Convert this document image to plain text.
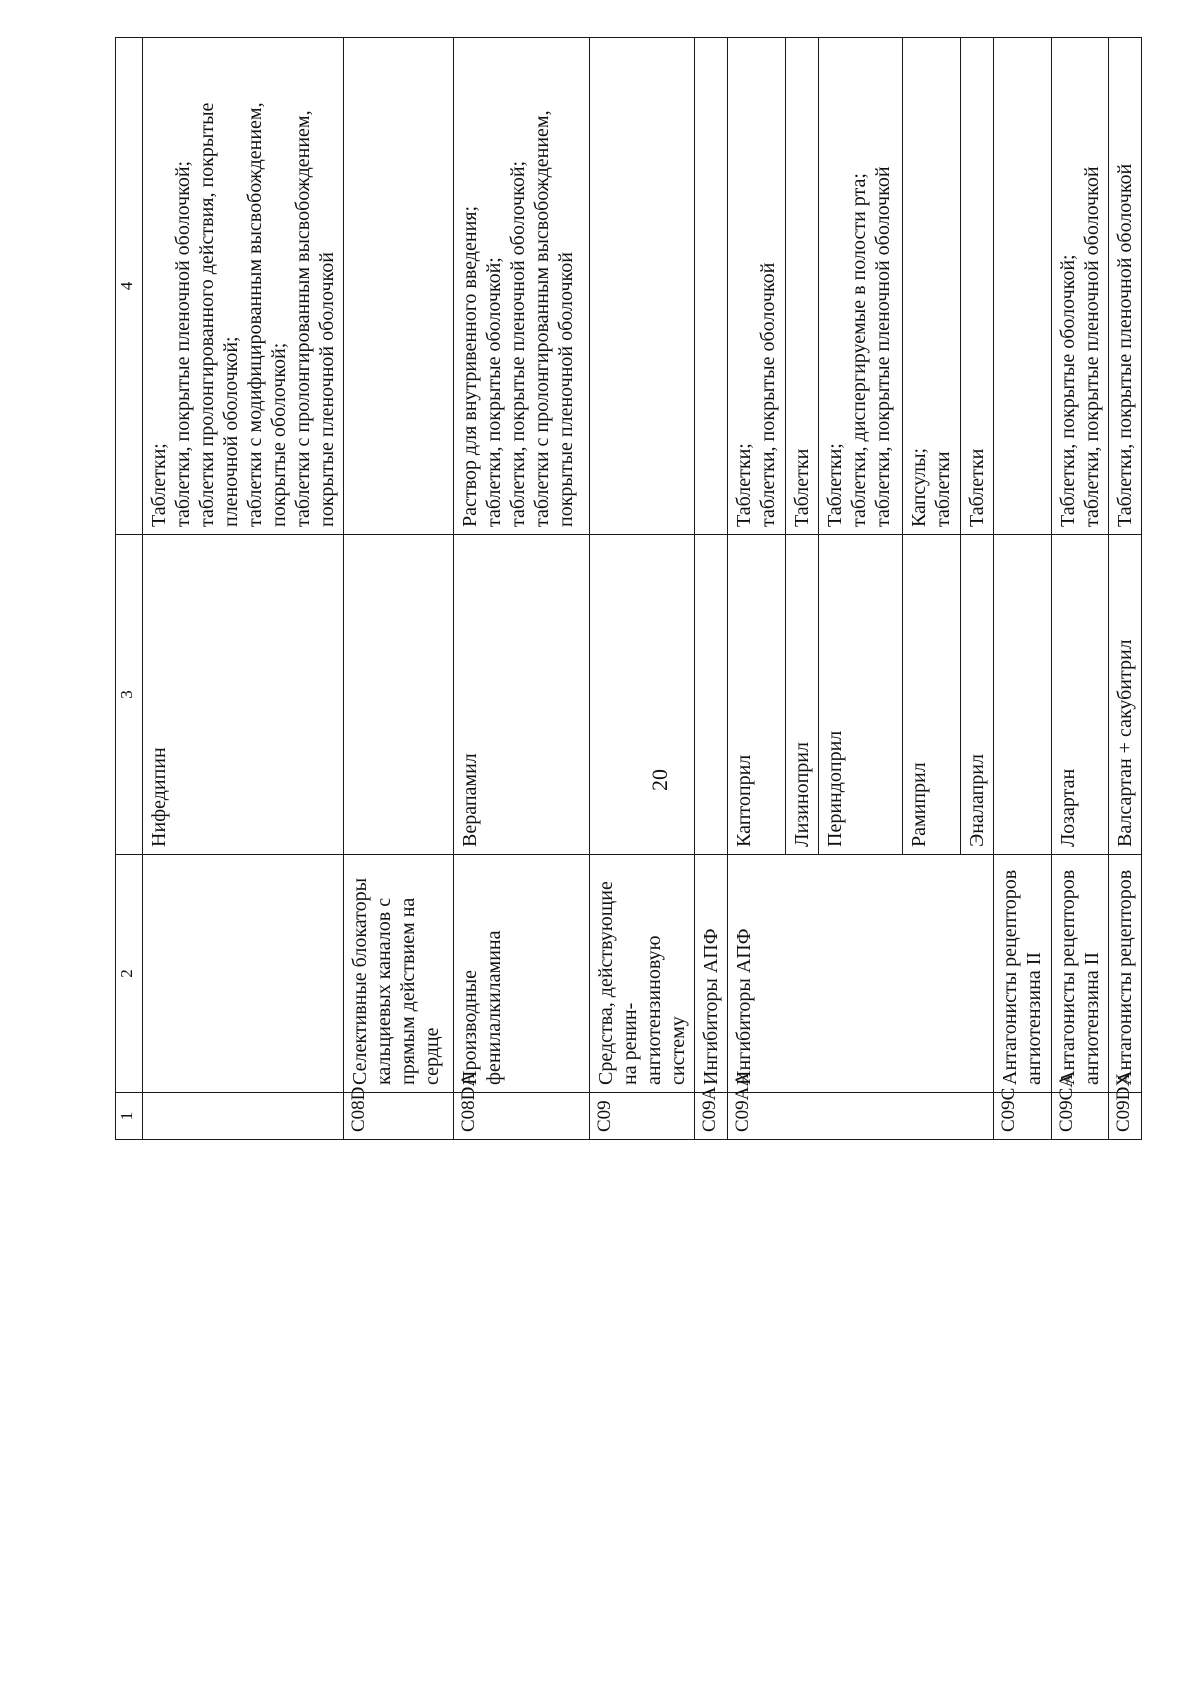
20
1	2	3	4
		Нифедипин	Таблетки;
таблетки, покрытые пленочной оболочкой;
таблетки пролонгированного действия, покрытые пленочной оболочкой;
таблетки с модифицированным высвобождением, покрытые оболочкой;
таблетки с пролонгированным высвобождением, покрытые пленочной оболочкой
C08D	Селективные блокаторы кальциевых каналов с прямым действием на сердце		
C08DA	Производные фенилалкиламина	Верапамил	Раствор для внутривенного введения;
таблетки, покрытые оболочкой;
таблетки, покрытые пленочной оболочкой;
таблетки с пролонгированным высвобождением, покрытые пленочной оболочкой
C09	Средства, действующие на ренин-ангиотензиновую систему		
C09A	Ингибиторы АПФ		
C09AA	Ингибиторы АПФ	Каптоприл	Таблетки;
таблетки, покрытые оболочкой
		Лизиноприл	Таблетки
		Периндоприл	Таблетки;
таблетки, диспергируемые в полости рта;
таблетки, покрытые пленочной оболочкой
		Рамиприл	Капсулы;
таблетки
		Эналаприл	Таблетки
C09C	Антагонисты рецепторов ангиотензина II		
C09CA	Антагонисты рецепторов ангиотензина II	Лозартан	Таблетки, покрытые оболочкой;
таблетки, покрытые пленочной оболочкой
C09DX	Антагонисты рецепторов	Валсартан + сакубитрил	Таблетки, покрытые пленочной оболочкой
